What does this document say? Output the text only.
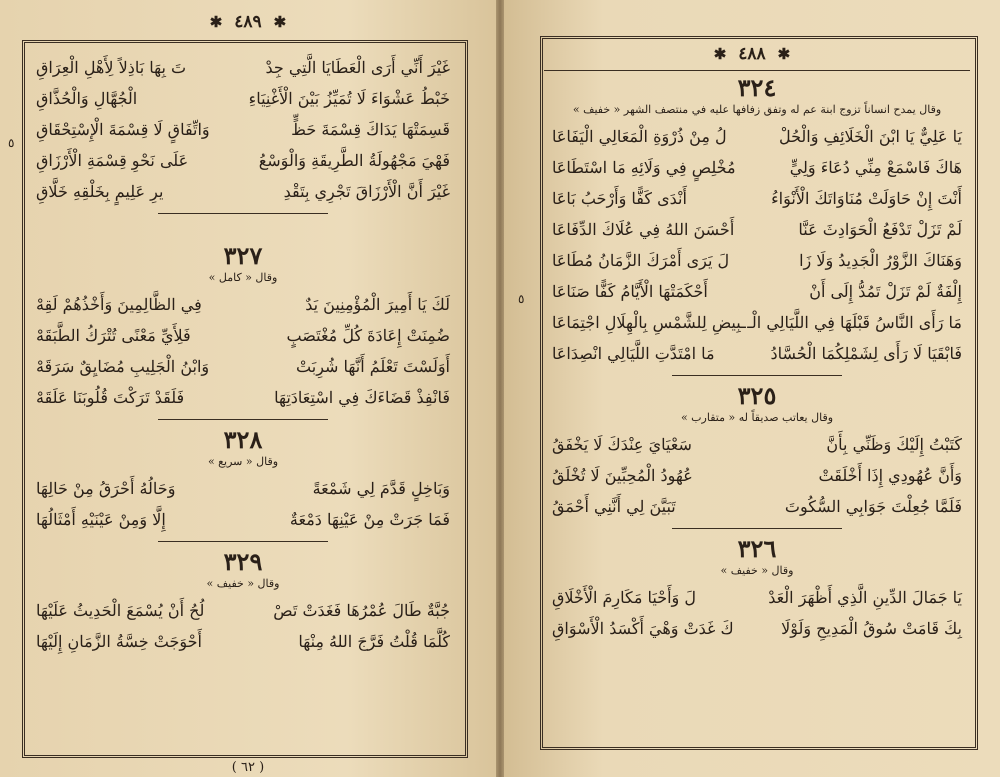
✱ ٤٨٩ ✱
غَيْرَ أَنِّي أَرَى الْعَطَايَا الَّتِي جِدْ
تَ بِهَا بَاذِلاً لِأَهْلِ الْعِرَاقِ
خَبْطُ عَشْوَاءَ لَا تُمَيِّزُ بَيْنَ الْأَغْنِيَاءِ
الْجُهَّالِ وَالْحُذَّاقِ
قَسِمَتْهَا يَدَاكَ قِسْمَةَ حَظٍّ
وَاتِّفَاقٍ لَا قِسْمَةَ الْإِسْتِحْقَاقِ
فَهْيَ مَجْهُولَةُ الطَّرِيقَةِ وَالْوَسْعُ
عَلَى نَحْوِ قِسْمَةِ الْأَرْزَاقِ
غَيْرَ أَنَّ الْأَرْزَاقَ تَجْرِي بِتَقْدِ
يرِ عَلِيمٍ بِخَلْقِهِ خَلَّاقِ
٥
٣٢٧
وقال « كامل »
لَكَ يَا أَمِيرَ الْمُؤْمِنِينَ يَدٌ
فِي الظَّالِمِينَ وَأَخْذُهُمْ لَقِهْ
ضُمِنَتْ إِعَادَةَ كُلِّ مُغْتَصَبٍ
فَلِأَيِّ مَعْنًى تُتْرَكُ الطَّبَقَهْ
أَوَلَسْتَ تَعْلَمُ أَنَّهَا شُرِبَتْ
وَابْنُ الْجَلِيبِ مُضَايِقٌ سَرَقَهْ
فَانْفِذْ قَضَاءَكَ فِي اسْتِعَادَتِهَا
فَلَقَدْ تَرَكْتَ قُلُوبَنَا عَلَقَهْ
٣٢٨
وقال « سريع »
وَبَاخِلٍ قَدَّمَ لِي شَمْعَةً
وَحَالُهُ أَحْرَقُ مِنْ حَالِهَا
فَمَا جَرَتْ مِنْ عَيْنِهَا دَمْعَةٌ
إِلَّا وَمِنْ عَيْنَيْهِ أَمْثَالُهَا
٣٢٩
وقال « خفيف »
جُبَّةٌ طَالَ عُمْرُهَا فَغَدَتْ تَصْ
لُحُ أَنْ يُسْمَعَ الْحَدِيثُ عَلَيْهَا
كُلَّمَا قُلْتُ فَرَّجَ اللهُ مِنْهَا
أَحْوَجَتْ خِسَّةُ الزَّمَانِ إِلَيْهَا
( ٦٢ )
✱ ٤٨٨ ✱
٥
٣٢٤
وقال يمدح انساناً تزوج ابنة عم له وتفق زفافها عليه في منتصف الشهر « خفيف »
يَا عَلِيٌّ يَا ابْنَ الْخَلَائِفِ وَالْحُلْ
لُ مِنْ ذُرْوَةِ الْمَعَالِي الْيَفَاعَا
هَاكَ فَاسْمَعْ مِنِّي دُعَاءَ وَلِيٍّ
مُخْلِصٍ فِي وَلَائِهِ مَا اسْتَطَاعَا
أَنْتَ إِنْ حَاوَلَتْ مُنَاوَاتَكَ الْأَنْوَاءُ
أَنْدَى كَفًّا وَأَرْحَبُ بَاعَا
لَمْ تَزَلْ تَدْفَعُ الْحَوَادِثَ عَنَّا
أَحْسَنَ اللهُ فِي عُلَاكَ الدِّفَاعَا
وَهَنَاكَ الزَّوْرُ الْجَدِيدُ وَلَا زَا
لَ يَرَى أَمْرَكَ الزَّمَانُ مُطَاعَا
إِلْفَةٌ لَمْ تَزَلْ تَمُدُّ إِلَى أَنْ
أَحْكَمَتْهَا الْأَيَّامُ كَفًّا صَنَاعَا
مَا رَأَى النَّاسُ قَبْلَهَا فِي اللَّيَالِي الْـ
ـبِيضِ لِلشَّمْسِ بِالْهِلَالِ اجْتِمَاعَا
فَابْقَيَا لَا رَأَى لِشَمْلِكُمَا الْحُسَّادُ
مَا امْتَدَّتِ اللَّيَالِي انْصِدَاعَا
٣٢٥
وقال يعاتب صديقاً له « متقارب »
كَتَبْتُ إِلَيْكَ وَظَنِّي بِأَنَّ
سَعْيَايَ عِنْدَكَ لَا يَخْفَقُ
وَأَنَّ عُهُودِي إِذَا أَخْلَقَتْ
عُهُودُ الْمُحِبِّينَ لَا تُخْلَقُ
فَلَمَّا جُعِلْتَ جَوَابِي السُّكُوتَ
تَبَيَّنَ لِي أَنَّنِي أَحْمَقُ
٣٢٦
وقال « خفيف »
يَا جَمَالَ الدِّينِ الَّذِي أَظْهَرَ الْعَدْ
لَ وَأَحْيَا مَكَارِمَ الْأَخْلَاقِ
بِكَ قَامَتْ سُوقُ الْمَدِيحِ وَلَوْلَا
كَ غَدَتْ وَهْيَ أَكْسَدُ الْأَسْوَاقِ
